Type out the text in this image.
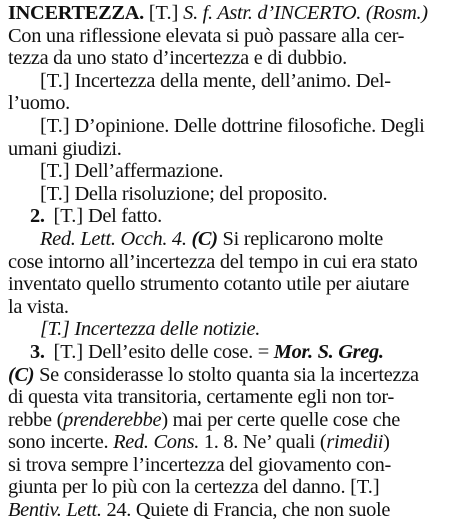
INCERTEZZA. [T.] S. f. Astr. d’INCERTO. (Rosm.)
Con una riflessione elevata si può passare alla cer-
tezza da uno stato d’incertezza e di dubbio.
[T.] Incertezza della mente, dell’animo. Del-
l’uomo.
[T.] D’opinione. Delle dottrine filosofiche. Degli
umani giudizi.
[T.] Dell’affermazione.
[T.] Della risoluzione; del proposito.
2. [T.] Del fatto.
Red. Lett. Occh. 4. (C) Si replicarono molte
cose intorno all’incertezza del tempo in cui era stato
inventato quello strumento cotanto utile per aiutare
la vista.
[T.] Incertezza delle notizie.
3. [T.] Dell’esito delle cose. = Mor. S. Greg.
(C) Se considerasse lo stolto quanta sia la incertezza
di questa vita transitoria, certamente egli non tor-
rebbe (prenderebbe) mai per certe quelle cose che
sono incerte. Red. Cons. 1. 8. Ne’ quali (rimedii)
si trova sempre l’incertezza del giovamento con-
giunta per lo più con la certezza del danno. [T.]
Bentiv. Lett. 24. Quiete di Francia, che non suole
